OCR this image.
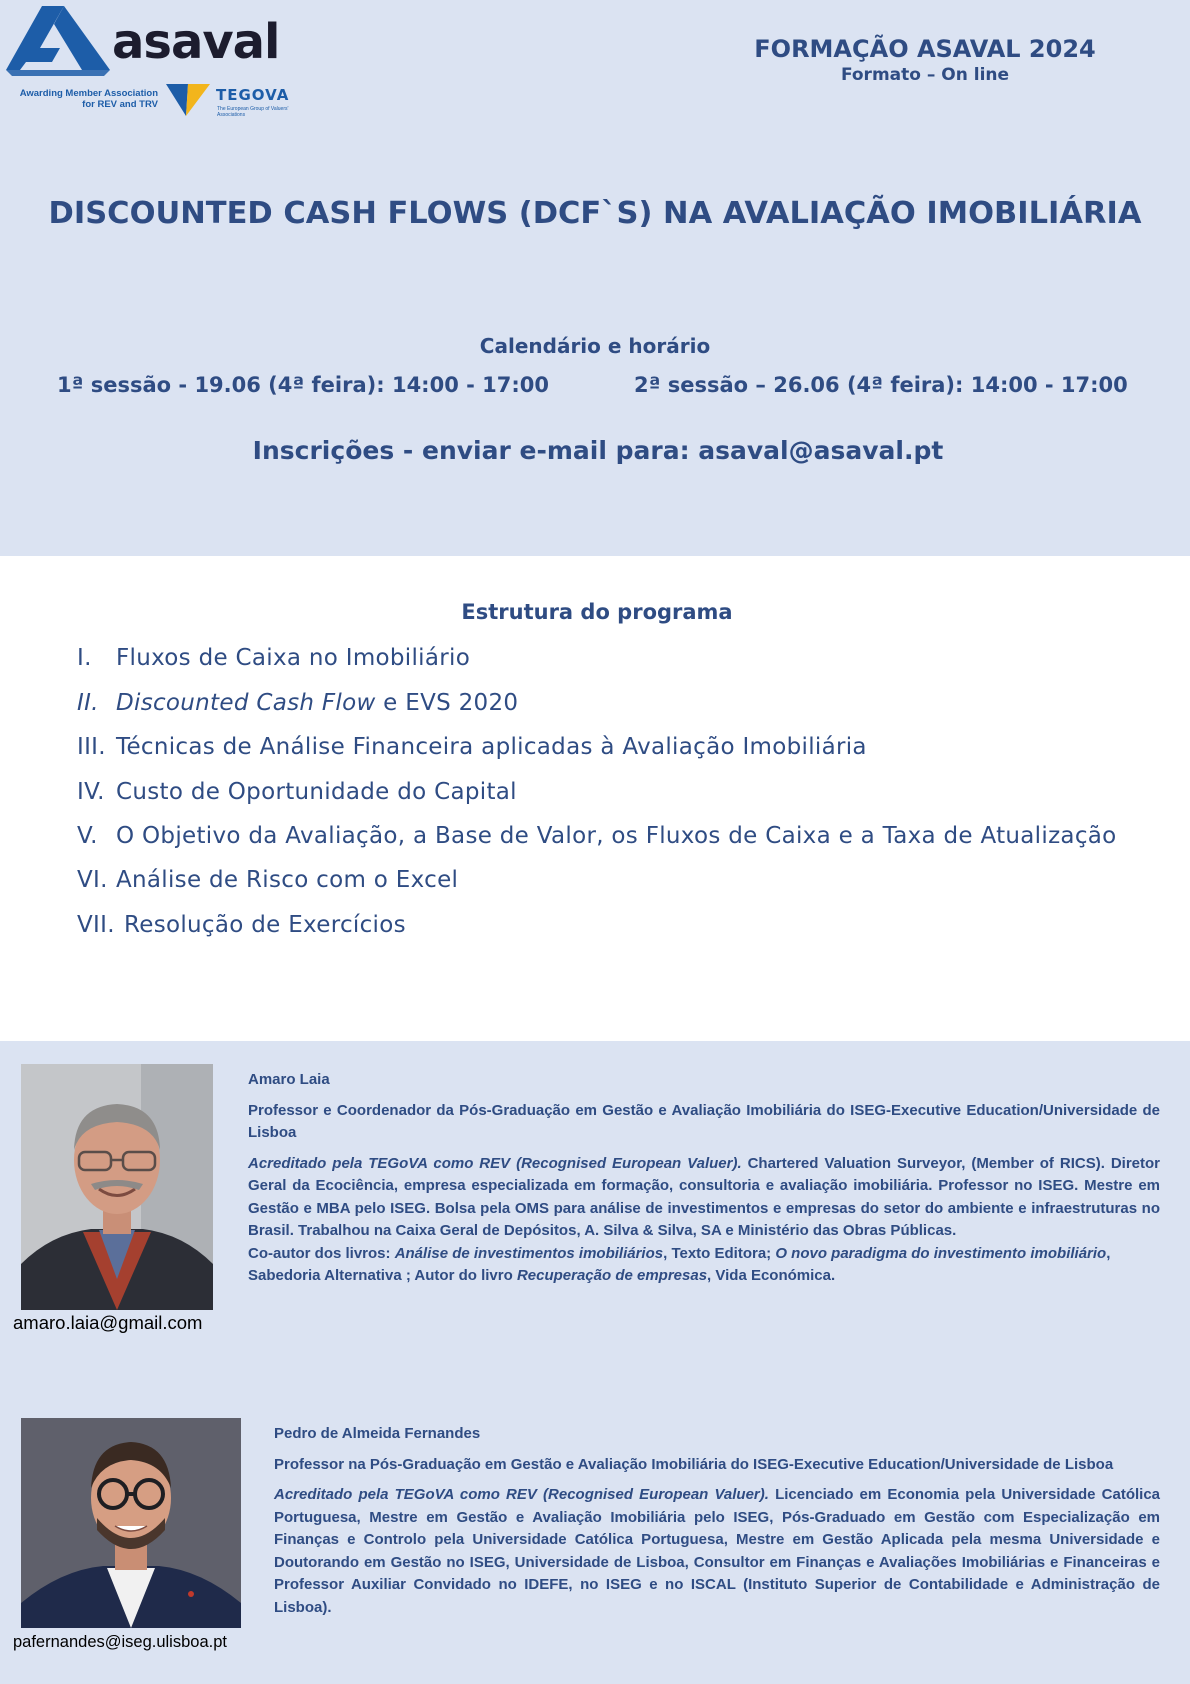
asaval
Awarding Member Association
for REV and TRV
TEGOVA
The European Group of Valuers' Associations
FORMAÇÃO ASAVAL 2024
Formato – On line
DISCOUNTED CASH FLOWS (DCF`S) NA AVALIAÇÃO IMOBILIÁRIA
Calendário e horário
1ª sessão - 19.06 (4ª feira): 14:00 - 17:00	2ª sessão – 26.06 (4ª feira): 14:00 - 17:00
Inscrições - enviar e-mail para: asaval@asaval.pt
Estrutura do programa
I. Fluxos de Caixa no Imobiliário
II. Discounted Cash Flow e EVS 2020
III. Técnicas de Análise Financeira aplicadas à Avaliação Imobiliária
IV. Custo de Oportunidade do Capital
V. O Objetivo da Avaliação, a Base de Valor, os Fluxos de Caixa e a Taxa de Atualização
VI. Análise de Risco com o Excel
VII. Resolução de Exercícios
amaro.laia@gmail.com
Amaro Laia
Professor e Coordenador da Pós-Graduação em Gestão e Avaliação Imobiliária do ISEG-Executive Education/Universidade de Lisboa

Acreditado pela TEGoVA como REV (Recognised European Valuer). Chartered Valuation Surveyor, (Member of RICS). Diretor Geral da Ecociência, empresa especializada em formação, consultoria e avaliação imobiliária. Professor no ISEG. Mestre em Gestão e MBA pelo ISEG. Bolsa pela OMS para análise de investimentos e empresas do setor do ambiente e infraestruturas no Brasil. Trabalhou na Caixa Geral de Depósitos, A. Silva & Silva, SA e Ministério das Obras Públicas.

Co-autor dos livros: Análise de investimentos imobiliários, Texto Editora; O novo paradigma do investimento imobiliário, Sabedoria Alternativa ; Autor do livro Recuperação de empresas, Vida Económica.

pafernandes@iseg.ulisboa.pt
Pedro de Almeida Fernandes
Professor na Pós-Graduação em Gestão e Avaliação Imobiliária do ISEG-Executive Education/Universidade de Lisboa

Acreditado pela TEGoVA como REV (Recognised European Valuer). Licenciado em Economia pela Universidade Católica Portuguesa, Mestre em Gestão e Avaliação Imobiliária pelo ISEG, Pós-Graduado em Gestão com Especialização em Finanças e Controlo pela Universidade Católica Portuguesa, Mestre em Gestão Aplicada pela mesma Universidade e Doutorando em Gestão no ISEG, Universidade de Lisboa, Consultor em Finanças e Avaliações Imobiliárias e Financeiras e Professor Auxiliar Convidado no IDEFE, no ISEG e no ISCAL (Instituto Superior de Contabilidade e Administração de Lisboa).
